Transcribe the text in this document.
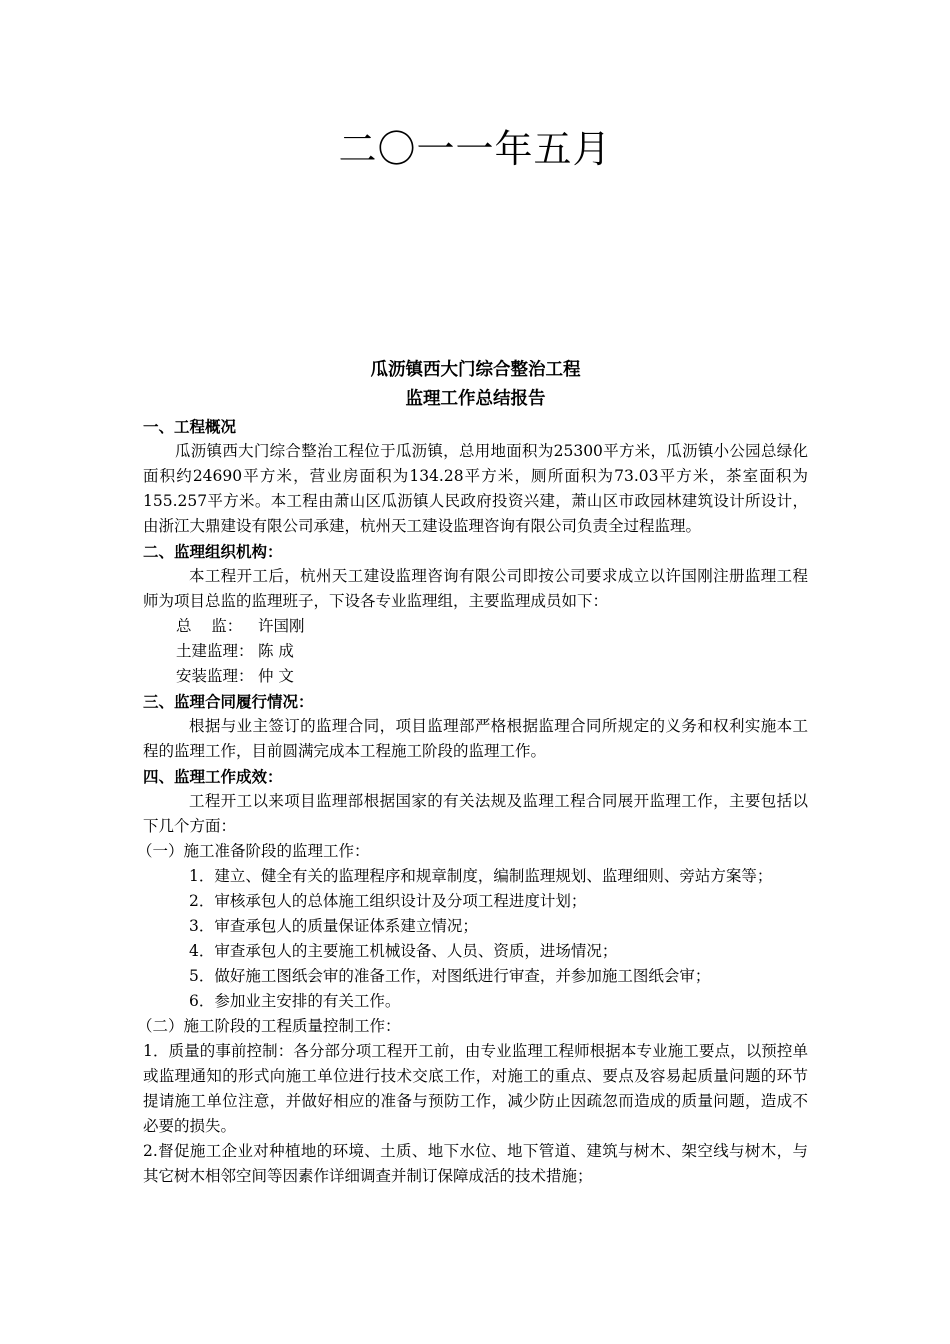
二〇一一年五月

瓜沥镇西大门综合整治工程

监理工作总结报告

一、工程概况

瓜沥镇西大门综合整治工程位于瓜沥镇，总用地面积为25300平方米，瓜沥镇小公园总绿化面积约24690平方米，营业房面积为134.28平方米，厕所面积为73.03平方米，茶室面积为155.257平方米。本工程由萧山区瓜沥镇人民政府投资兴建，萧山区市政园林建筑设计所设计，由浙江大鼎建设有限公司承建，杭州天工建设监理咨询有限公司负责全过程监理。

二、监理组织机构：

本工程开工后，杭州天工建设监理咨询有限公司即按公司要求成立以许国刚注册监理工程师为项目总监的监理班子，下设各专业监理组，主要监理成员如下：

总    监： 许国刚

土建监理： 陈 成

安装监理： 仲 文

三、监理合同履行情况：

根据与业主签订的监理合同，项目监理部严格根据监理合同所规定的义务和权利实施本工程的监理工作，目前圆满完成本工程施工阶段的监理工作。

四、监理工作成效：

工程开工以来项目监理部根据国家的有关法规及监理工程合同展开监理工作，主要包括以下几个方面：

（一）施工准备阶段的监理工作：

1．建立、健全有关的监理程序和规章制度，编制监理规划、监理细则、旁站方案等；
2．审核承包人的总体施工组织设计及分项工程进度计划；
3．审查承包人的质量保证体系建立情况；
4．审查承包人的主要施工机械设备、人员、资质，进场情况；
5．做好施工图纸会审的准备工作，对图纸进行审查，并参加施工图纸会审；
6．参加业主安排的有关工作。

（二）施工阶段的工程质量控制工作：

1．质量的事前控制：各分部分项工程开工前，由专业监理工程师根据本专业施工要点，以预控单或监理通知的形式向施工单位进行技术交底工作，对施工的重点、要点及容易起质量问题的环节提请施工单位注意，并做好相应的准备与预防工作，减少防止因疏忽而造成的质量问题，造成不必要的损失。

2.督促施工企业对种植地的环境、土质、地下水位、地下管道、建筑与树木、架空线与树木，与其它树木相邻空间等因素作详细调查并制订保障成活的技术措施；
